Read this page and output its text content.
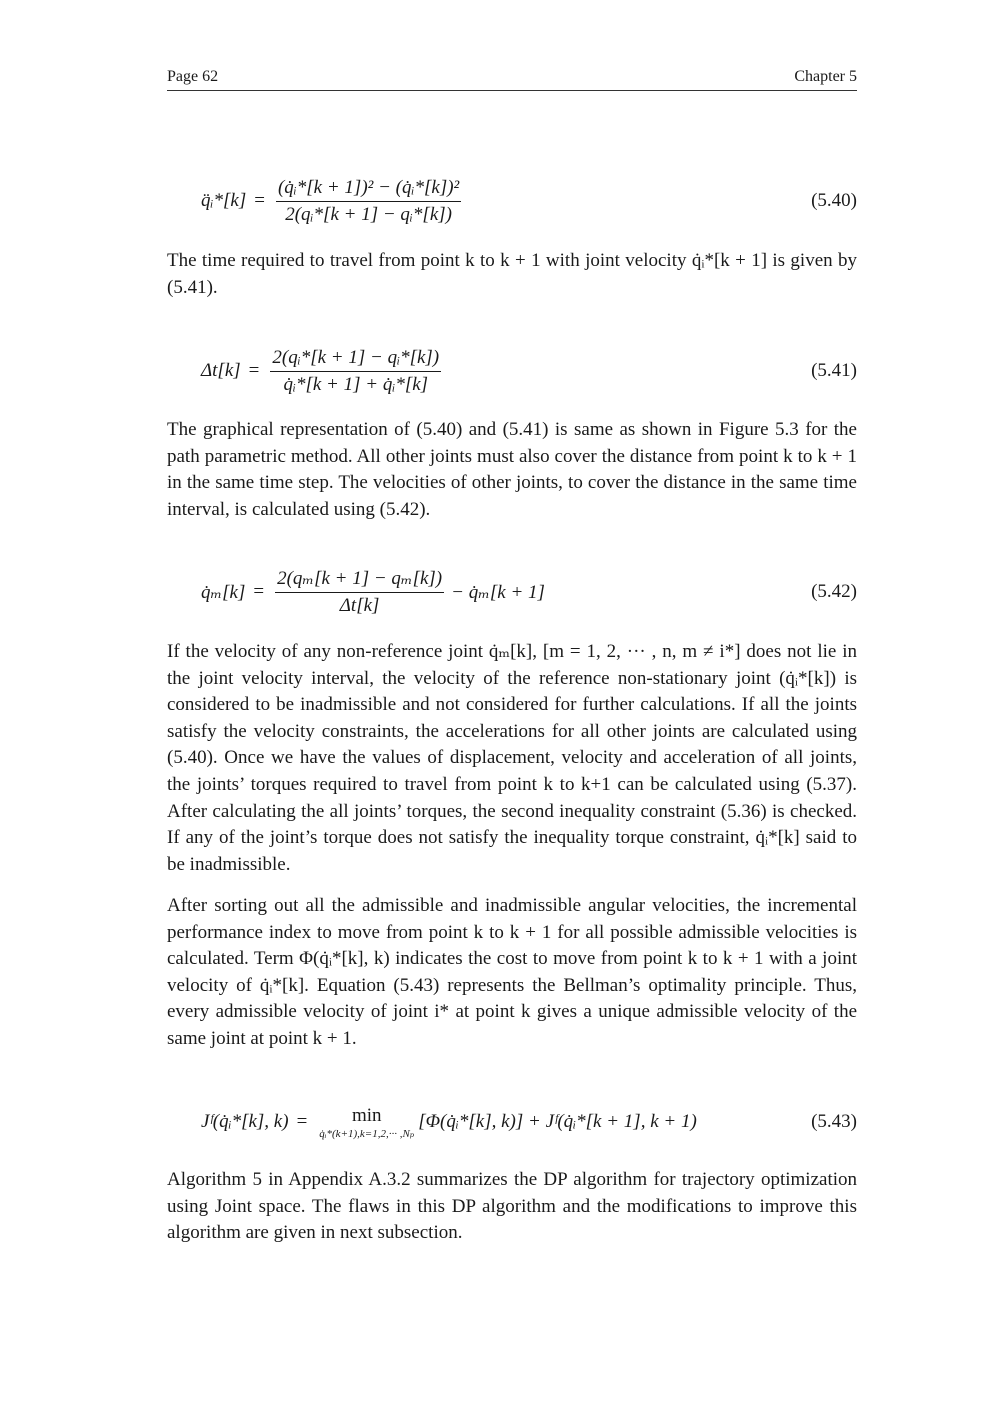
Page 62	Chapter 5
q̈ᵢ*[k] = $\frac{\text{(q̇ᵢ*[k + 1])² − (q̇ᵢ*[k])²}}{\text{2(qᵢ*[k + 1] − qᵢ*[k])}}$	(5.40)
The time required to travel from point k to k + 1 with joint velocity q̇ᵢ*[k + 1] is given by (5.41).
$\Delta t[k] = \frac{\text{2(qᵢ*[k + 1] − qᵢ*[k])}}{\text{q̇ᵢ*[k + 1] + q̇ᵢ*[k]}}$	(5.41)
The graphical representation of (5.40) and (5.41) is same as shown in Figure 5.3 for the path parametric method. All other joints must also cover the distance from point k to k + 1 in the same time step. The velocities of other joints, to cover the distance in the same time interval, is calculated using (5.42).
q̇ₘ[k] = $\frac{\text{2(qₘ[k + 1] − qₘ[k])}}{\Delta t[k]}$ − q̇ₘ[k + 1]	(5.42)
If the velocity of any non-reference joint q̇ₘ[k], [m = 1, 2, ··· , n, m ≠ i*] does not lie in the joint velocity interval, the velocity of the reference non-stationary joint (q̇ᵢ*[k]) is considered to be inadmissible and not considered for further calculations. If all the joints satisfy the velocity constraints, the accelerations for all other joints are calculated using (5.40). Once we have the values of displacement, velocity and acceleration of all joints, the joints’ torques required to travel from point k to k+1 can be calculated using (5.37). After calculating the all joints’ torques, the second inequality constraint (5.36) is checked. If any of the joint’s torque does not satisfy the inequality torque constraint, q̇ᵢ*[k] said to be inadmissible.
After sorting out all the admissible and inadmissible angular velocities, the incremental performance index to move from point k to k + 1 for all possible admissible velocities is calculated. Term Φ(q̇ᵢ*[k], k) indicates the cost to move from point k to k + 1 with a joint velocity of q̇ᵢ*[k]. Equation (5.43) represents the Bellman’s optimality principle. Thus, every admissible velocity of joint i* at point k gives a unique admissible velocity of the same joint at point k + 1.
Jᶠ(q̇ᵢ*[k], k) = min
q̇ᵢ*(k+1),k=1,2,··· ,Nₚ
[Φ(q̇ᵢ*[k], k)] + Jᶠ(q̇ᵢ*[k + 1], k + 1)	(5.43)
Algorithm 5 in Appendix A.3.2 summarizes the DP algorithm for trajectory optimization using Joint space. The flaws in this DP algorithm and the modifications to improve this algorithm are given in next subsection.
